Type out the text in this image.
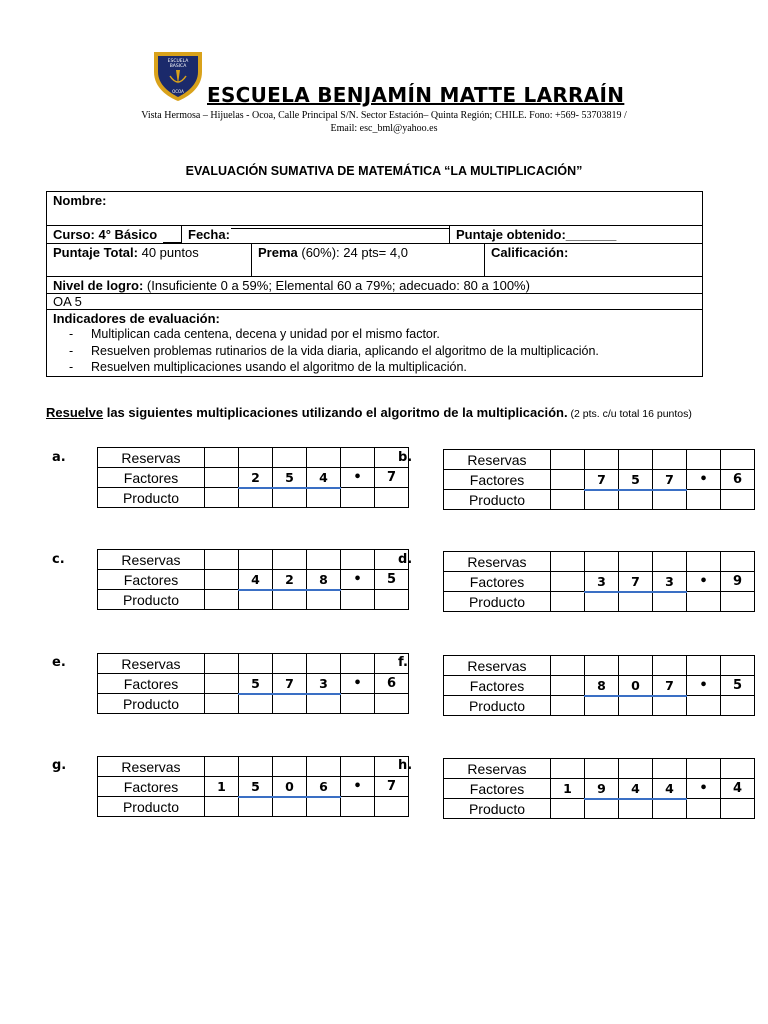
ESCUELA
BASICA
OCOA ESCUELA BENJAMÍN MATTE LARRAÍN
Vista Hermosa – Hijuelas - Ocoa, Calle Principal S/N. Sector Estación– Quinta Región; CHILE. Fono: +569- 53703819 /
Email: esc_bml@yahoo.es
EVALUACIÓN SUMATIVA DE MATEMÁTICA “LA MULTIPLICACIÓN”
Nombre:
Curso: 4° Básico	Fecha:	Puntaje obtenido:_______
Puntaje Total: 40 puntos	Prema (60%): 24 pts= 4,0	Calificación:
Nivel de logro: (Insuficiente 0 a 59%; Elemental 60 a 79%; adecuado: 80 a 100%)
OA 5
Indicadores de evaluación:
- Multiplican cada centena, decena y unidad por el mismo factor.
- Resuelven problemas rutinarios de la vida diaria, aplicando el algoritmo de la multiplicación.
- Resuelven multiplicaciones usando el algoritmo de la multiplicación.
Resuelve las siguientes multiplicaciones utilizando el algoritmo de la multiplicación. (2 pts. c/u total 16 puntos)
a.	Reservas						
Factores		2	5	4	•	7
Producto						
b.	Reservas						
Factores		7	5	7	•	6
Producto						
c.	Reservas						
Factores		4	2	8	•	5
Producto						
d.	Reservas						
Factores		3	7	3	•	9
Producto						
e.	Reservas						
Factores		5	7	3	•	6
Producto						
f.	Reservas						
Factores		8	0	7	•	5
Producto						
g.	Reservas						
Factores	1	5	0	6	•	7
Producto						
h.	Reservas						
Factores	1	9	4	4	•	4
Producto						
